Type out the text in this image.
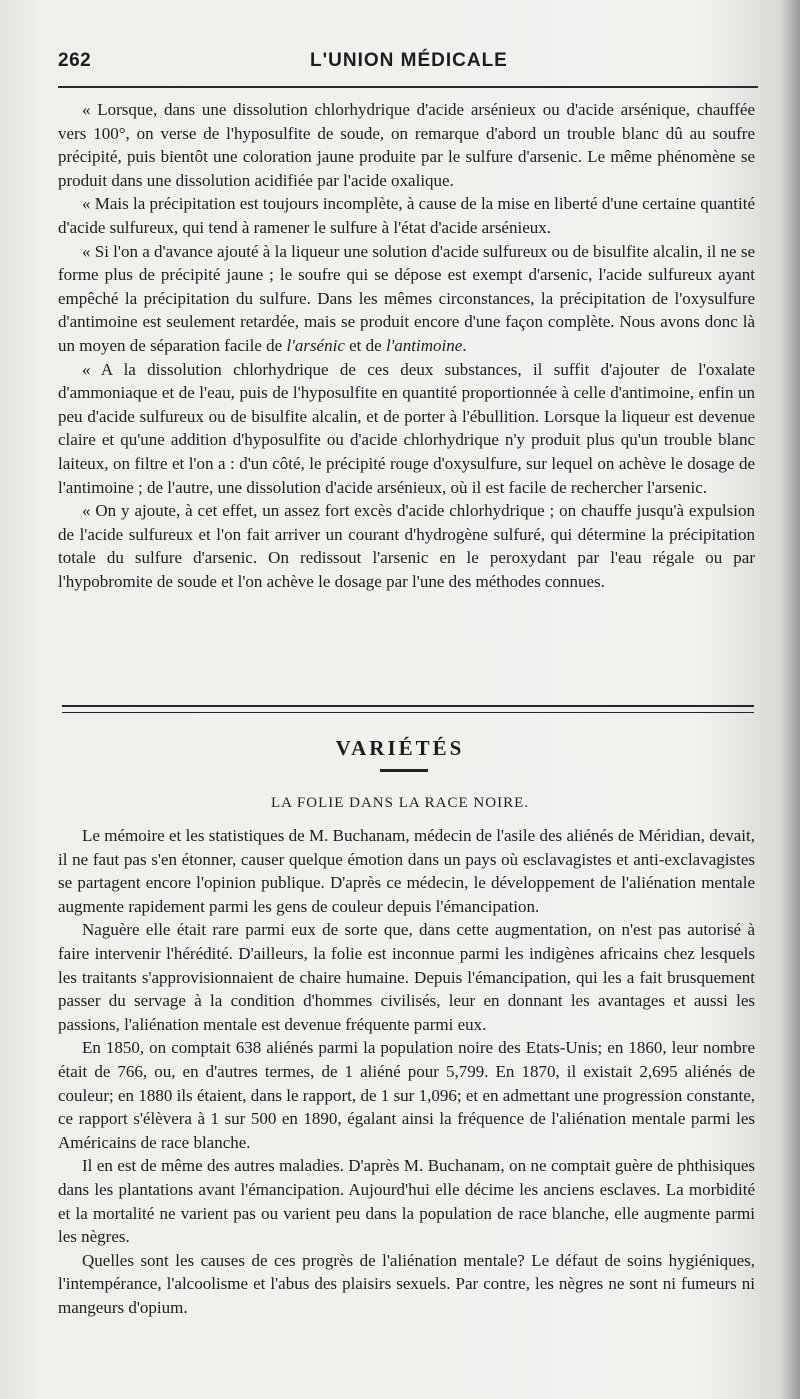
262	L'UNION MÉDICALE

« Lorsque, dans une dissolution chlorhydrique d'acide arsénieux ou d'acide arsénique, chauffée vers 100°, on verse de l'hyposulfite de soude, on remarque d'abord un trouble blanc dû au soufre précipité, puis bientôt une coloration jaune produite par le sulfure d'arsenic. Le même phénomène se produit dans une dissolution acidifiée par l'acide oxalique.

« Mais la précipitation est toujours incomplète, à cause de la mise en liberté d'une certaine quantité d'acide sulfureux, qui tend à ramener le sulfure à l'état d'acide arsénieux.

« Si l'on a d'avance ajouté à la liqueur une solution d'acide sulfureux ou de bisulfite alcalin, il ne se forme plus de précipité jaune ; le soufre qui se dépose est exempt d'arsenic, l'acide sulfureux ayant empêché la précipitation du sulfure. Dans les mêmes circonstances, la précipitation de l'oxysulfure d'antimoine est seulement retardée, mais se produit encore d'une façon complète. Nous avons donc là un moyen de séparation facile de l'arsénic et de l'antimoine.

« A la dissolution chlorhydrique de ces deux substances, il suffit d'ajouter de l'oxalate d'ammoniaque et de l'eau, puis de l'hyposulfite en quantité proportionnée à celle d'antimoine, enfin un peu d'acide sulfureux ou de bisulfite alcalin, et de porter à l'ébullition. Lorsque la liqueur est devenue claire et qu'une addition d'hyposulfite ou d'acide chlorhydrique n'y produit plus qu'un trouble blanc laiteux, on filtre et l'on a : d'un côté, le précipité rouge d'oxysulfure, sur lequel on achève le dosage de l'antimoine ; de l'autre, une dissolution d'acide arsénieux, où il est facile de rechercher l'arsenic.

« On y ajoute, à cet effet, un assez fort excès d'acide chlorhydrique ; on chauffe jusqu'à expulsion de l'acide sulfureux et l'on fait arriver un courant d'hydrogène sulfuré, qui détermine la précipitation totale du sulfure d'arsenic. On redissout l'arsenic en le peroxydant par l'eau régale ou par l'hypobromite de soude et l'on achève le dosage par l'une des méthodes connues.

VARIÉTÉS
LA FOLIE DANS LA RACE NOIRE.

Le mémoire et les statistiques de M. Buchanam, médecin de l'asile des aliénés de Méridian, devait, il ne faut pas s'en étonner, causer quelque émotion dans un pays où esclavagistes et anti-exclavagistes se partagent encore l'opinion publique. D'après ce médecin, le développement de l'aliénation mentale augmente rapidement parmi les gens de couleur depuis l'émancipation.

Naguère elle était rare parmi eux de sorte que, dans cette augmentation, on n'est pas autorisé à faire intervenir l'hérédité. D'ailleurs, la folie est inconnue parmi les indigènes africains chez lesquels les traitants s'approvisionnaient de chaire humaine. Depuis l'émancipation, qui les a fait brusquement passer du servage à la condition d'hommes civilisés, leur en donnant les avantages et aussi les passions, l'aliénation mentale est devenue fréquente parmi eux.

En 1850, on comptait 638 aliénés parmi la population noire des Etats-Unis; en 1860, leur nombre était de 766, ou, en d'autres termes, de 1 aliéné pour 5,799. En 1870, il existait 2,695 aliénés de couleur; en 1880 ils étaient, dans le rapport, de 1 sur 1,096; et en admettant une progression constante, ce rapport s'élèvera à 1 sur 500 en 1890, égalant ainsi la fréquence de l'aliénation mentale parmi les Américains de race blanche.

Il en est de même des autres maladies. D'après M. Buchanam, on ne comptait guère de phthisiques dans les plantations avant l'émancipation. Aujourd'hui elle décime les anciens esclaves. La morbidité et la mortalité ne varient pas ou varient peu dans la population de race blanche, elle augmente parmi les nègres.

Quelles sont les causes de ces progrès de l'aliénation mentale? Le défaut de soins hygiéniques, l'intempérance, l'alcoolisme et l'abus des plaisirs sexuels. Par contre, les nègres ne sont ni fumeurs ni mangeurs d'opium.
